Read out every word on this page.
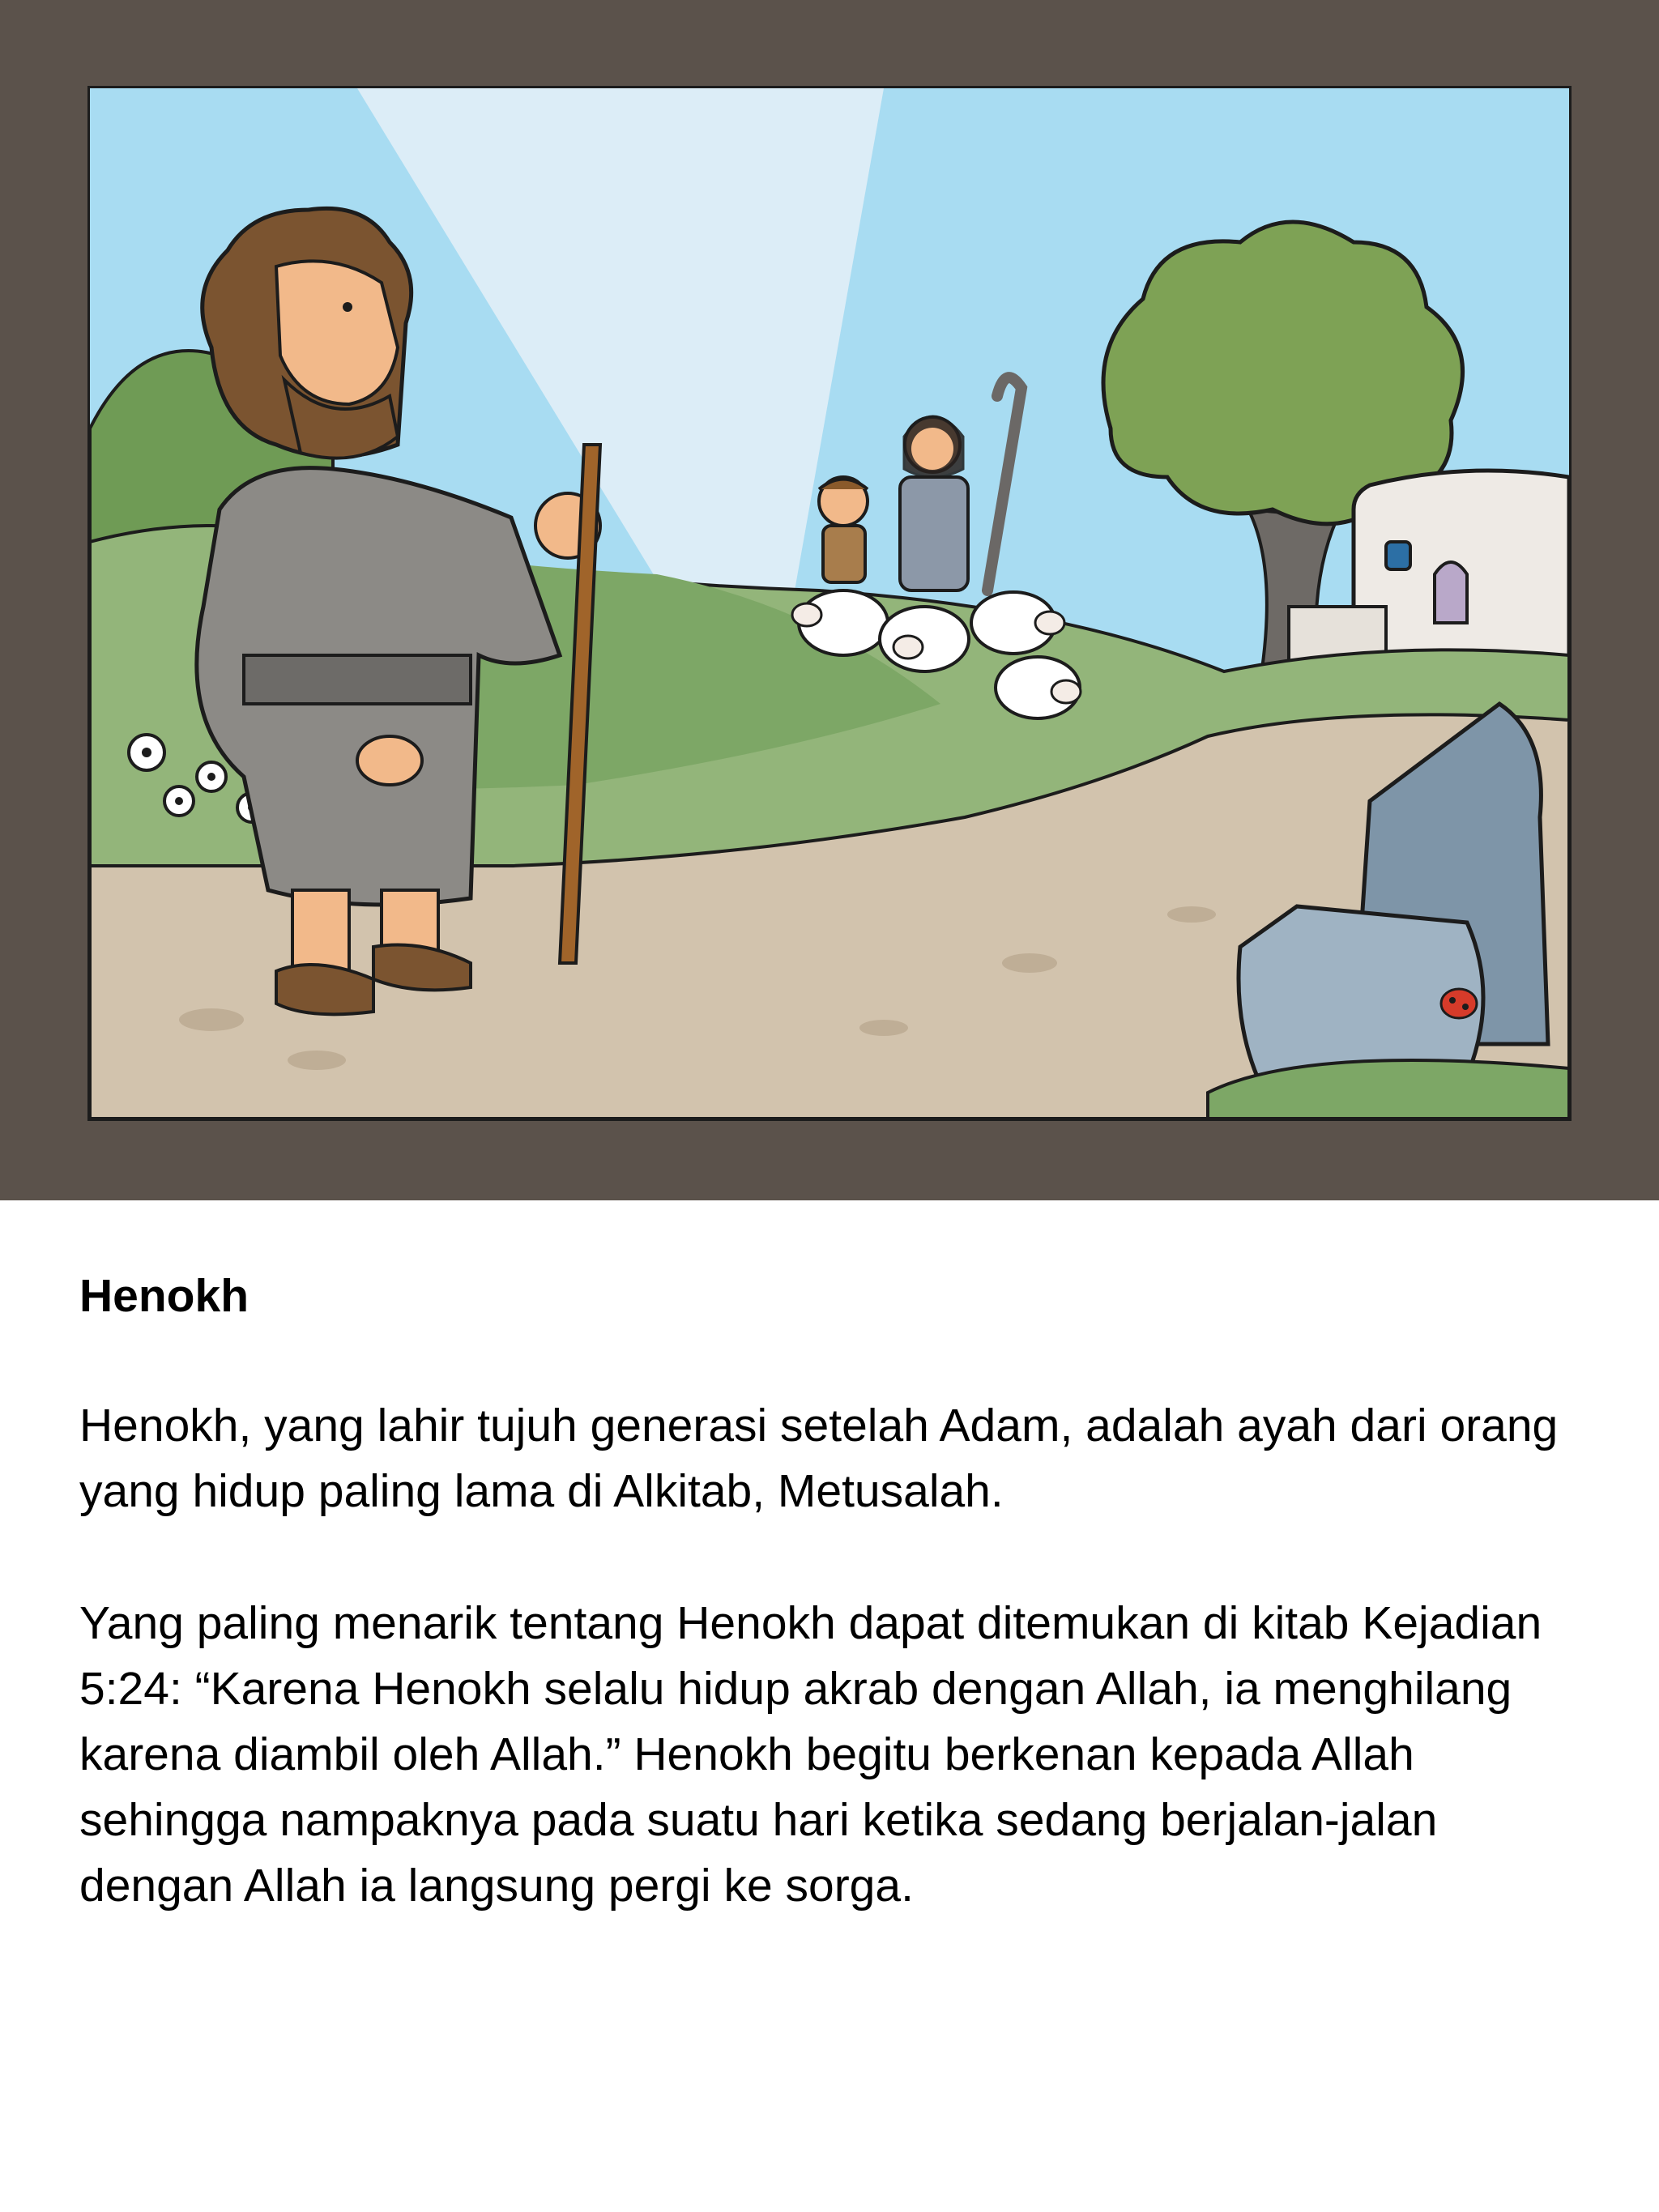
Henokh

Henokh, yang lahir tujuh generasi setelah Adam, adalah ayah dari orang yang hidup paling lama di Alkitab, Metusalah.

Yang paling menarik tentang Henokh dapat ditemukan di kitab Kejadian 5:24: “Karena Henokh selalu hidup akrab dengan Allah, ia menghilang karena diambil oleh Allah.” Henokh begitu berkenan kepada Allah sehingga nampaknya pada suatu hari ketika sedang berjalan-jalan dengan Allah ia langsung pergi ke sorga.
